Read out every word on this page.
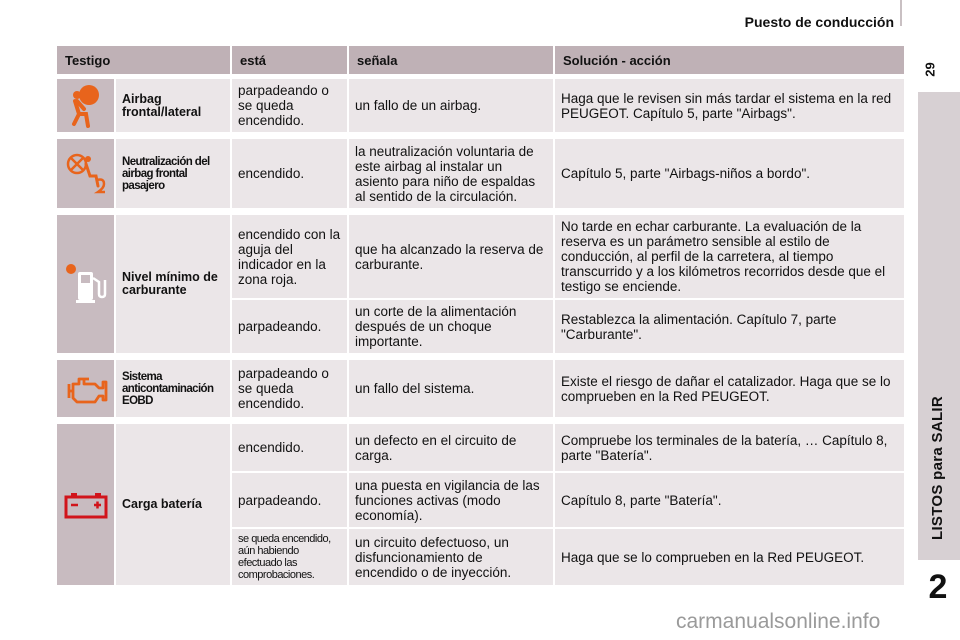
Puesto de conducción
29
LISTOS para SALIR
2
Testigo		está	señala	Solución - acción

	Airbag frontal/lateral	parpadeando o se queda encendido.	un fallo de un airbag.	Haga que le revisen sin más tardar el sistema en la red PEUGEOT. Capítulo 5, parte "Airbags".

	Neutralización del airbag frontal pasajero	encendido.	la neutralización voluntaria de este airbag al instalar un asiento para niño de espaldas al sentido de la circulación.	Capítulo 5, parte "Airbags-niños a bordo".

	Nivel mínimo de carburante	encendido con la aguja del indicador en la zona roja.	que ha alcanzado la reserva de carburante.	No tarde en echar carburante. La evaluación de la reserva es un parámetro sensible al estilo de conducción, al perfil de la carretera, al tiempo transcurrido y a los kilómetros recorridos desde que el testigo se enciende.
		parpadeando.	un corte de la alimentación después de un choque importante.	Restablezca la alimentación. Capítulo 7, parte "Carburante".

	Sistema anticontaminación EOBD	parpadeando o se queda encendido.	un fallo del sistema.	Existe el riesgo de dañar el catalizador. Haga que se lo comprueben en la Red PEUGEOT.

	Carga batería	encendido.	un defecto en el circuito de carga.	Compruebe los terminales de la batería, … Capítulo 8, parte "Batería".
		parpadeando.	una puesta en vigilancia de las funciones activas (modo economía).	Capítulo 8, parte "Batería".
		se queda encendido, aún habiendo efectuado las comprobaciones.	un circuito defectuoso, un disfuncionamiento de encendido o de inyección.	Haga que se lo comprueben en la Red PEUGEOT.
carmanualsonline.info
